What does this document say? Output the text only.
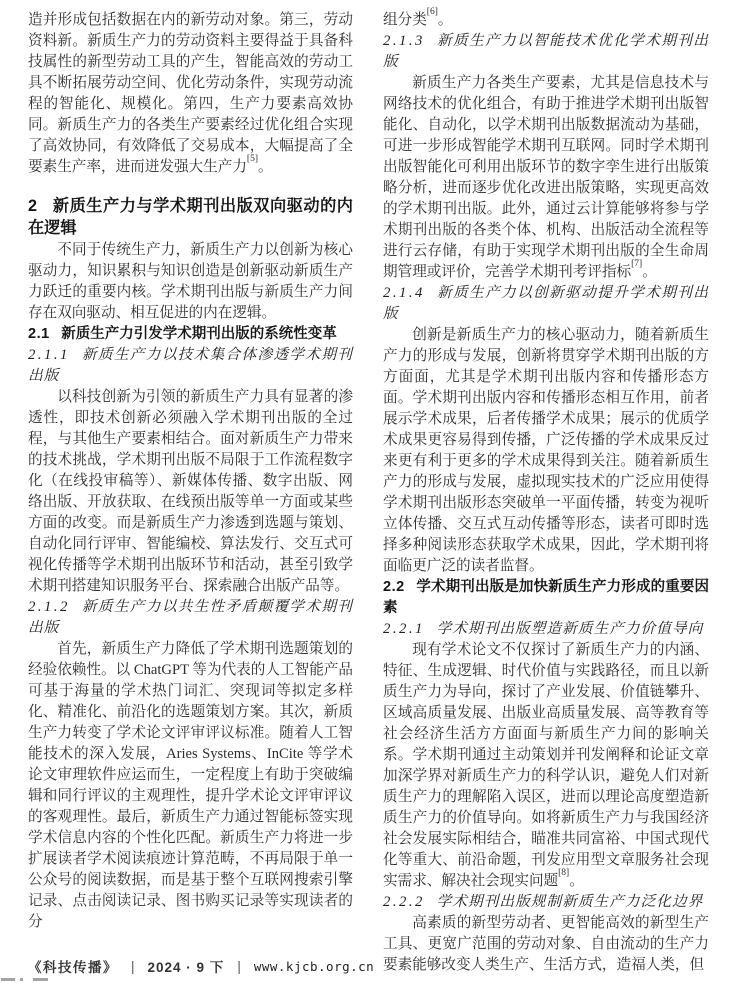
造并形成包括数据在内的新劳动对象。第三，劳动资料新。新质生产力的劳动资料主要得益于具备科技属性的新型劳动工具的产生，智能高效的劳动工具不断拓展劳动空间、优化劳动条件，实现劳动流程的智能化、规模化。第四，生产力要素高效协同。新质生产力的各类生产要素经过优化组合实现了高效协同，有效降低了交易成本，大幅提高了全要素生产率，进而迸发强大生产力[5]。

2 新质生产力与学术期刊出版双向驱动的内在逻辑

不同于传统生产力，新质生产力以创新为核心驱动力，知识累积与知识创造是创新驱动新质生产力跃迁的重要内核。学术期刊出版与新质生产力间存在双向驱动、相互促进的内在逻辑。

2.1 新质生产力引发学术期刊出版的系统性变革
2.1.1 新质生产力以技术集合体渗透学术期刊出版

以科技创新为引领的新质生产力具有显著的渗透性，即技术创新必须融入学术期刊出版的全过程，与其他生产要素相结合。面对新质生产力带来的技术挑战，学术期刊出版不局限于工作流程数字化（在线投审稿等）、新媒体传播、数字出版、网络出版、开放获取、在线预出版等单一方面或某些方面的改变。而是新质生产力渗透到选题与策划、自动化同行评审、智能编校、算法发行、交互式可视化传播等学术期刊出版环节和活动，甚至引致学术期刊搭建知识服务平台、探索融合出版产品等。

2.1.2 新质生产力以共生性矛盾颠覆学术期刊出版

首先，新质生产力降低了学术期刊选题策划的经验依赖性。以 ChatGPT 等为代表的人工智能产品可基于海量的学术热门词汇、突现词等拟定多样化、精准化、前沿化的选题策划方案。其次，新质生产力转变了学术论文评审评议标准。随着人工智能技术的深入发展，Aries Systems、InCite 等学术论文审理软件应运而生，一定程度上有助于突破编辑和同行评议的主观理性，提升学术论文评审评议的客观理性。最后，新质生产力通过智能标签实现学术信息内容的个性化匹配。新质生产力将进一步扩展读者学术阅读痕迹计算范畴，不再局限于单一公众号的阅读数据，而是基于整个互联网搜索引擎记录、点击阅读记录、图书购买记录等实现读者的分

组分类[6]。

2.1.3 新质生产力以智能技术优化学术期刊出版

新质生产力各类生产要素，尤其是信息技术与网络技术的优化组合，有助于推进学术期刊出版智能化、自动化，以学术期刊出版数据流动为基础，可进一步形成智能学术期刊互联网。同时学术期刊出版智能化可利用出版环节的数字孪生进行出版策略分析，进而逐步优化改进出版策略，实现更高效的学术期刊出版。此外，通过云计算能够将参与学术期刊出版的各类个体、机构、出版活动全流程等进行云存储，有助于实现学术期刊出版的全生命周期管理或评价，完善学术期刊考评指标[7]。

2.1.4 新质生产力以创新驱动提升学术期刊出版

创新是新质生产力的核心驱动力，随着新质生产力的形成与发展，创新将贯穿学术期刊出版的方方面面，尤其是学术期刊出版内容和传播形态方面。学术期刊出版内容和传播形态相互作用，前者展示学术成果，后者传播学术成果；展示的优质学术成果更容易得到传播，广泛传播的学术成果反过来更有利于更多的学术成果得到关注。随着新质生产力的形成与发展，虚拟现实技术的广泛应用使得学术期刊出版形态突破单一平面传播，转变为视听立体传播、交互式互动传播等形态，读者可即时选择多种阅读形态获取学术成果，因此，学术期刊将面临更广泛的读者监督。

2.2 学术期刊出版是加快新质生产力形成的重要因素
2.2.1 学术期刊出版塑造新质生产力价值导向

现有学术论文不仅探讨了新质生产力的内涵、特征、生成逻辑、时代价值与实践路径，而且以新质生产力为导向，探讨了产业发展、价值链攀升、区域高质量发展、出版业高质量发展、高等教育等社会经济生活方方面面与新质生产力间的影响关系。学术期刊通过主动策划并刊发阐释和论证文章加深学界对新质生产力的科学认识，避免人们对新质生产力的理解陷入误区，进而以理论高度塑造新质生产力的价值导向。如将新质生产力与我国经济社会发展实际相结合，瞄准共同富裕、中国式现代化等重大、前沿命题，刊发应用型文章服务社会现实需求、解决社会现实问题[8]。

2.2.2 学术期刊出版规制新质生产力泛化边界

高素质的新型劳动者、更智能高效的新型生产工具、更宽广范围的劳动对象、自由流动的生产力要素能够改变人类生产、生活方式，造福人类，但

《科技传播》 | 2024 · 9 下 | www.kjcb.org.cn
